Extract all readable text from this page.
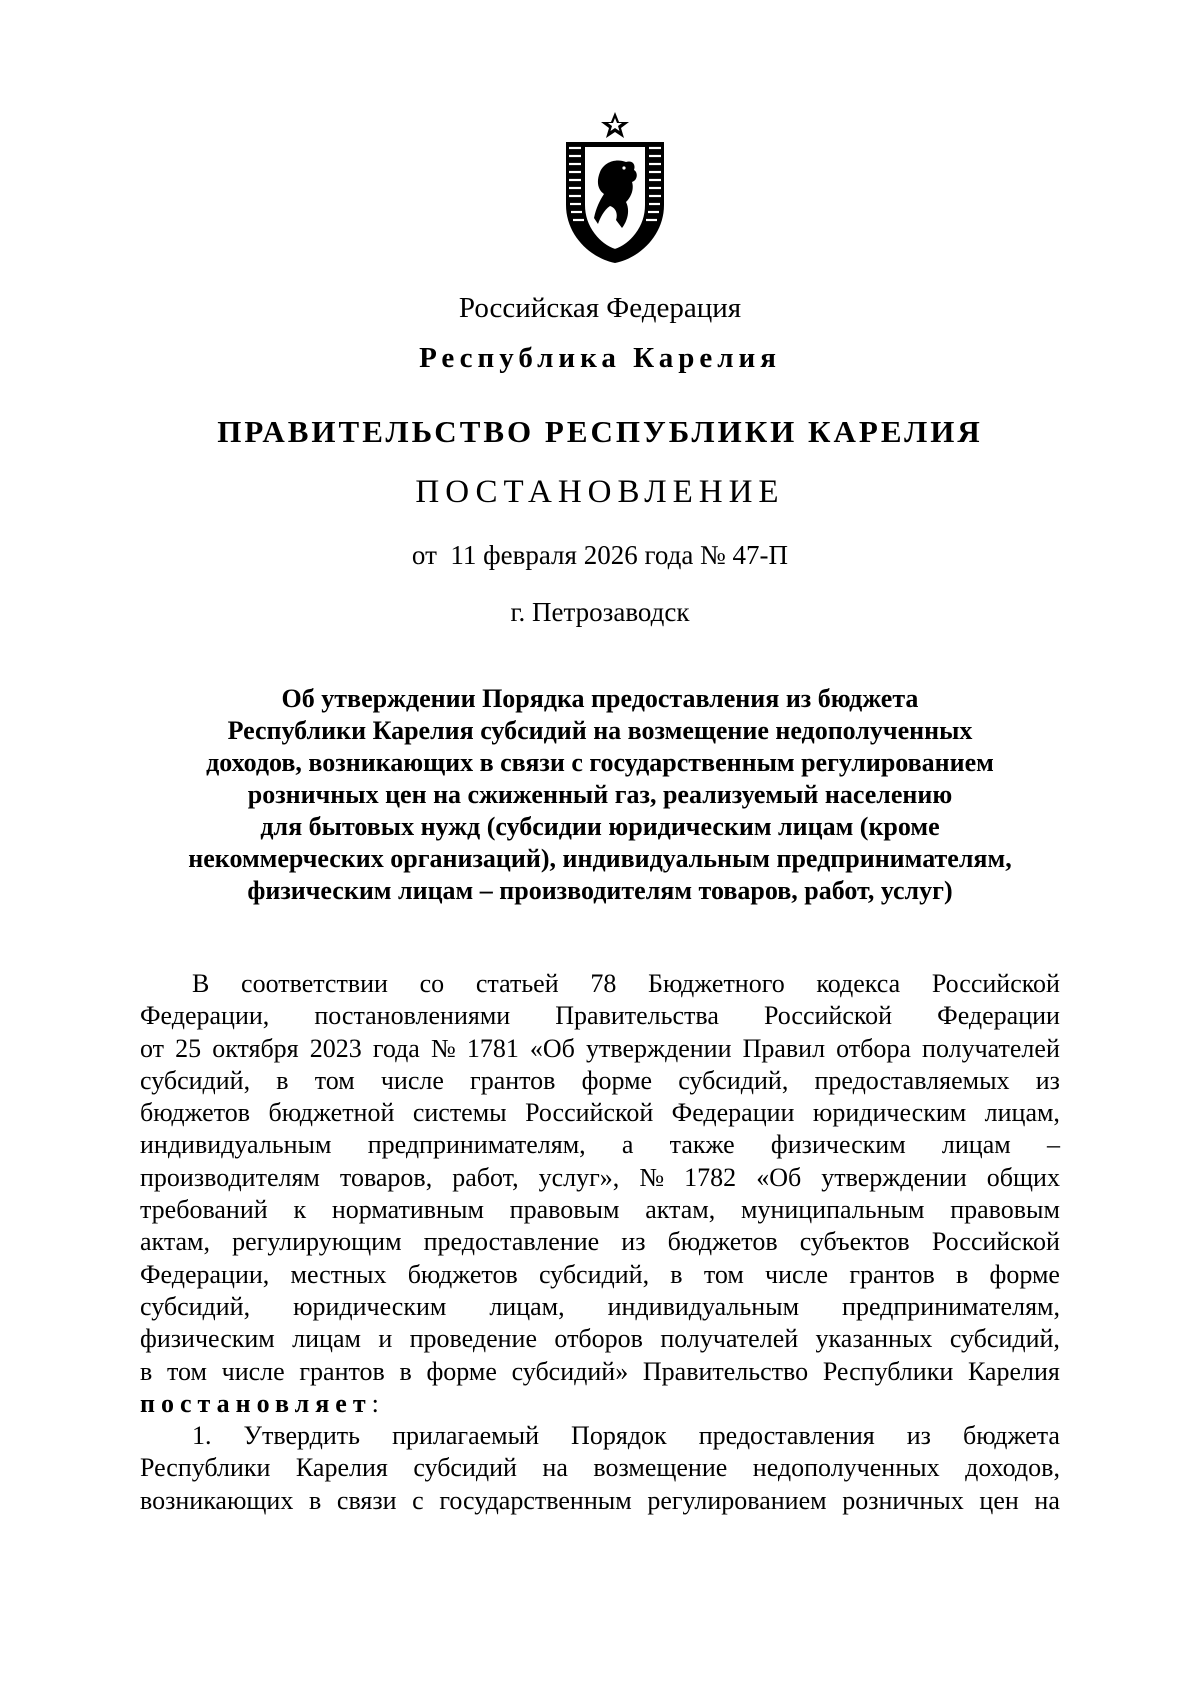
Российская Федерация
Республика Карелия
ПРАВИТЕЛЬСТВО РЕСПУБЛИКИ КАРЕЛИЯ
ПОСТАНОВЛЕНИЕ
от  11 февраля 2026 года № 47-П
г. Петрозаводск
Об утверждении Порядка предоставления из бюджета
Республики Карелия субсидий на возмещение недополученных
доходов, возникающих в связи с государственным регулированием
розничных цен на сжиженный газ, реализуемый населению
для бытовых нужд (субсидии юридическим лицам (кроме
некоммерческих организаций), индивидуальным предпринимателям,
физическим лицам – производителям товаров, работ, услуг)
В соответствии со статьей 78 Бюджетного кодекса Российской
Федерации, постановлениями Правительства Российской Федерации
от 25 октября 2023 года № 1781 «Об утверждении Правил отбора получателей
субсидий, в том числе грантов форме субсидий, предоставляемых из
бюджетов бюджетной системы Российской Федерации юридическим лицам,
индивидуальным предпринимателям, а также физическим лицам –
производителям товаров, работ, услуг», № 1782 «Об утверждении общих
требований к нормативным правовым актам, муниципальным правовым
актам, регулирующим предоставление из бюджетов субъектов Российской
Федерации, местных бюджетов субсидий, в том числе грантов в форме
субсидий, юридическим лицам, индивидуальным предпринимателям,
физическим лицам и проведение отборов получателей указанных субсидий,
в том числе грантов в форме субсидий» Правительство Республики Карелия
постановляет:
1. Утвердить прилагаемый Порядок предоставления из бюджета
Республики Карелия субсидий на возмещение недополученных доходов,
возникающих в связи с государственным регулированием розничных цен на
